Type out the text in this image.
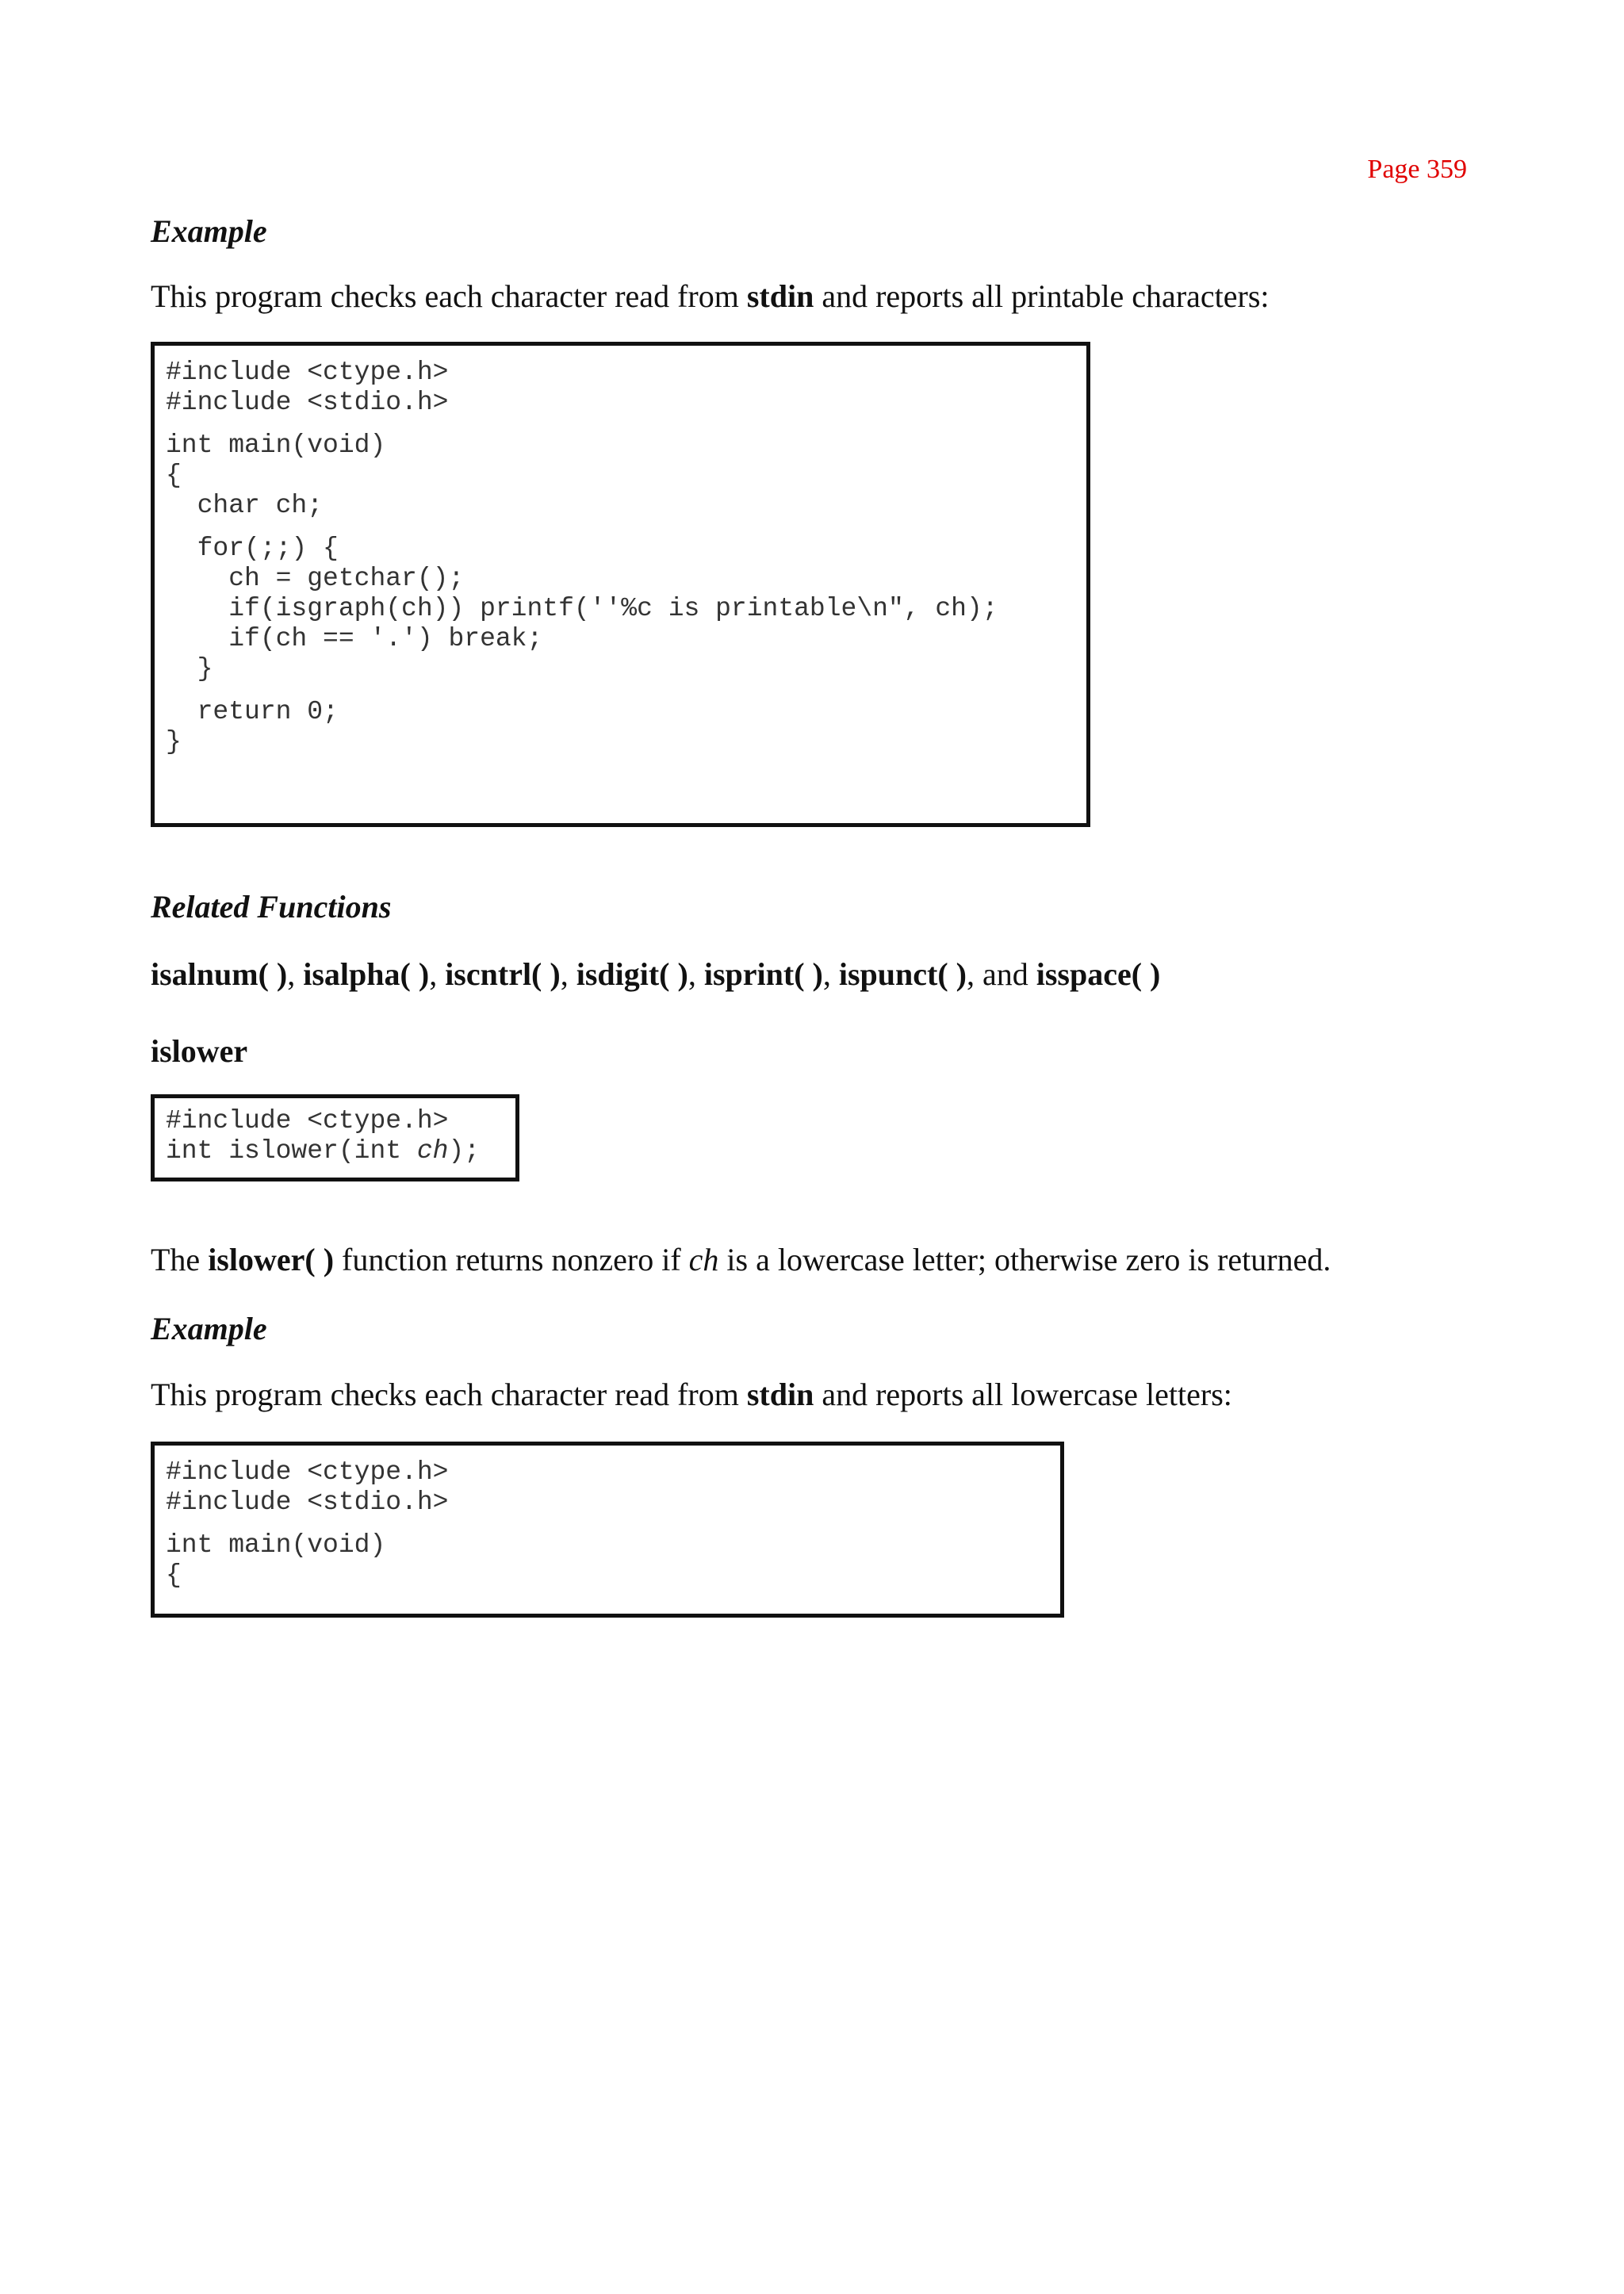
Page 359
Example

This program checks each character read from stdin and reports all printable characters:

#include <ctype.h>
#include <stdio.h>
int main(void)
{
char ch;
for(;;) {
ch = getchar();
if(isgraph(ch)) printf(''%c is printable\n", ch);
if(ch == '.') break;
}
return 0;
}
Related Functions

isalnum( ), isalpha( ), iscntrl( ), isdigit( ), isprint( ), ispunct( ), and isspace( )

islower
#include <ctype.h>
int islower(int ch);

The islower( ) function returns nonzero if ch is a lowercase letter; otherwise zero is returned.

Example

This program checks each character read from stdin and reports all lowercase letters:

#include <ctype.h>
#include <stdio.h>
int main(void)
{
